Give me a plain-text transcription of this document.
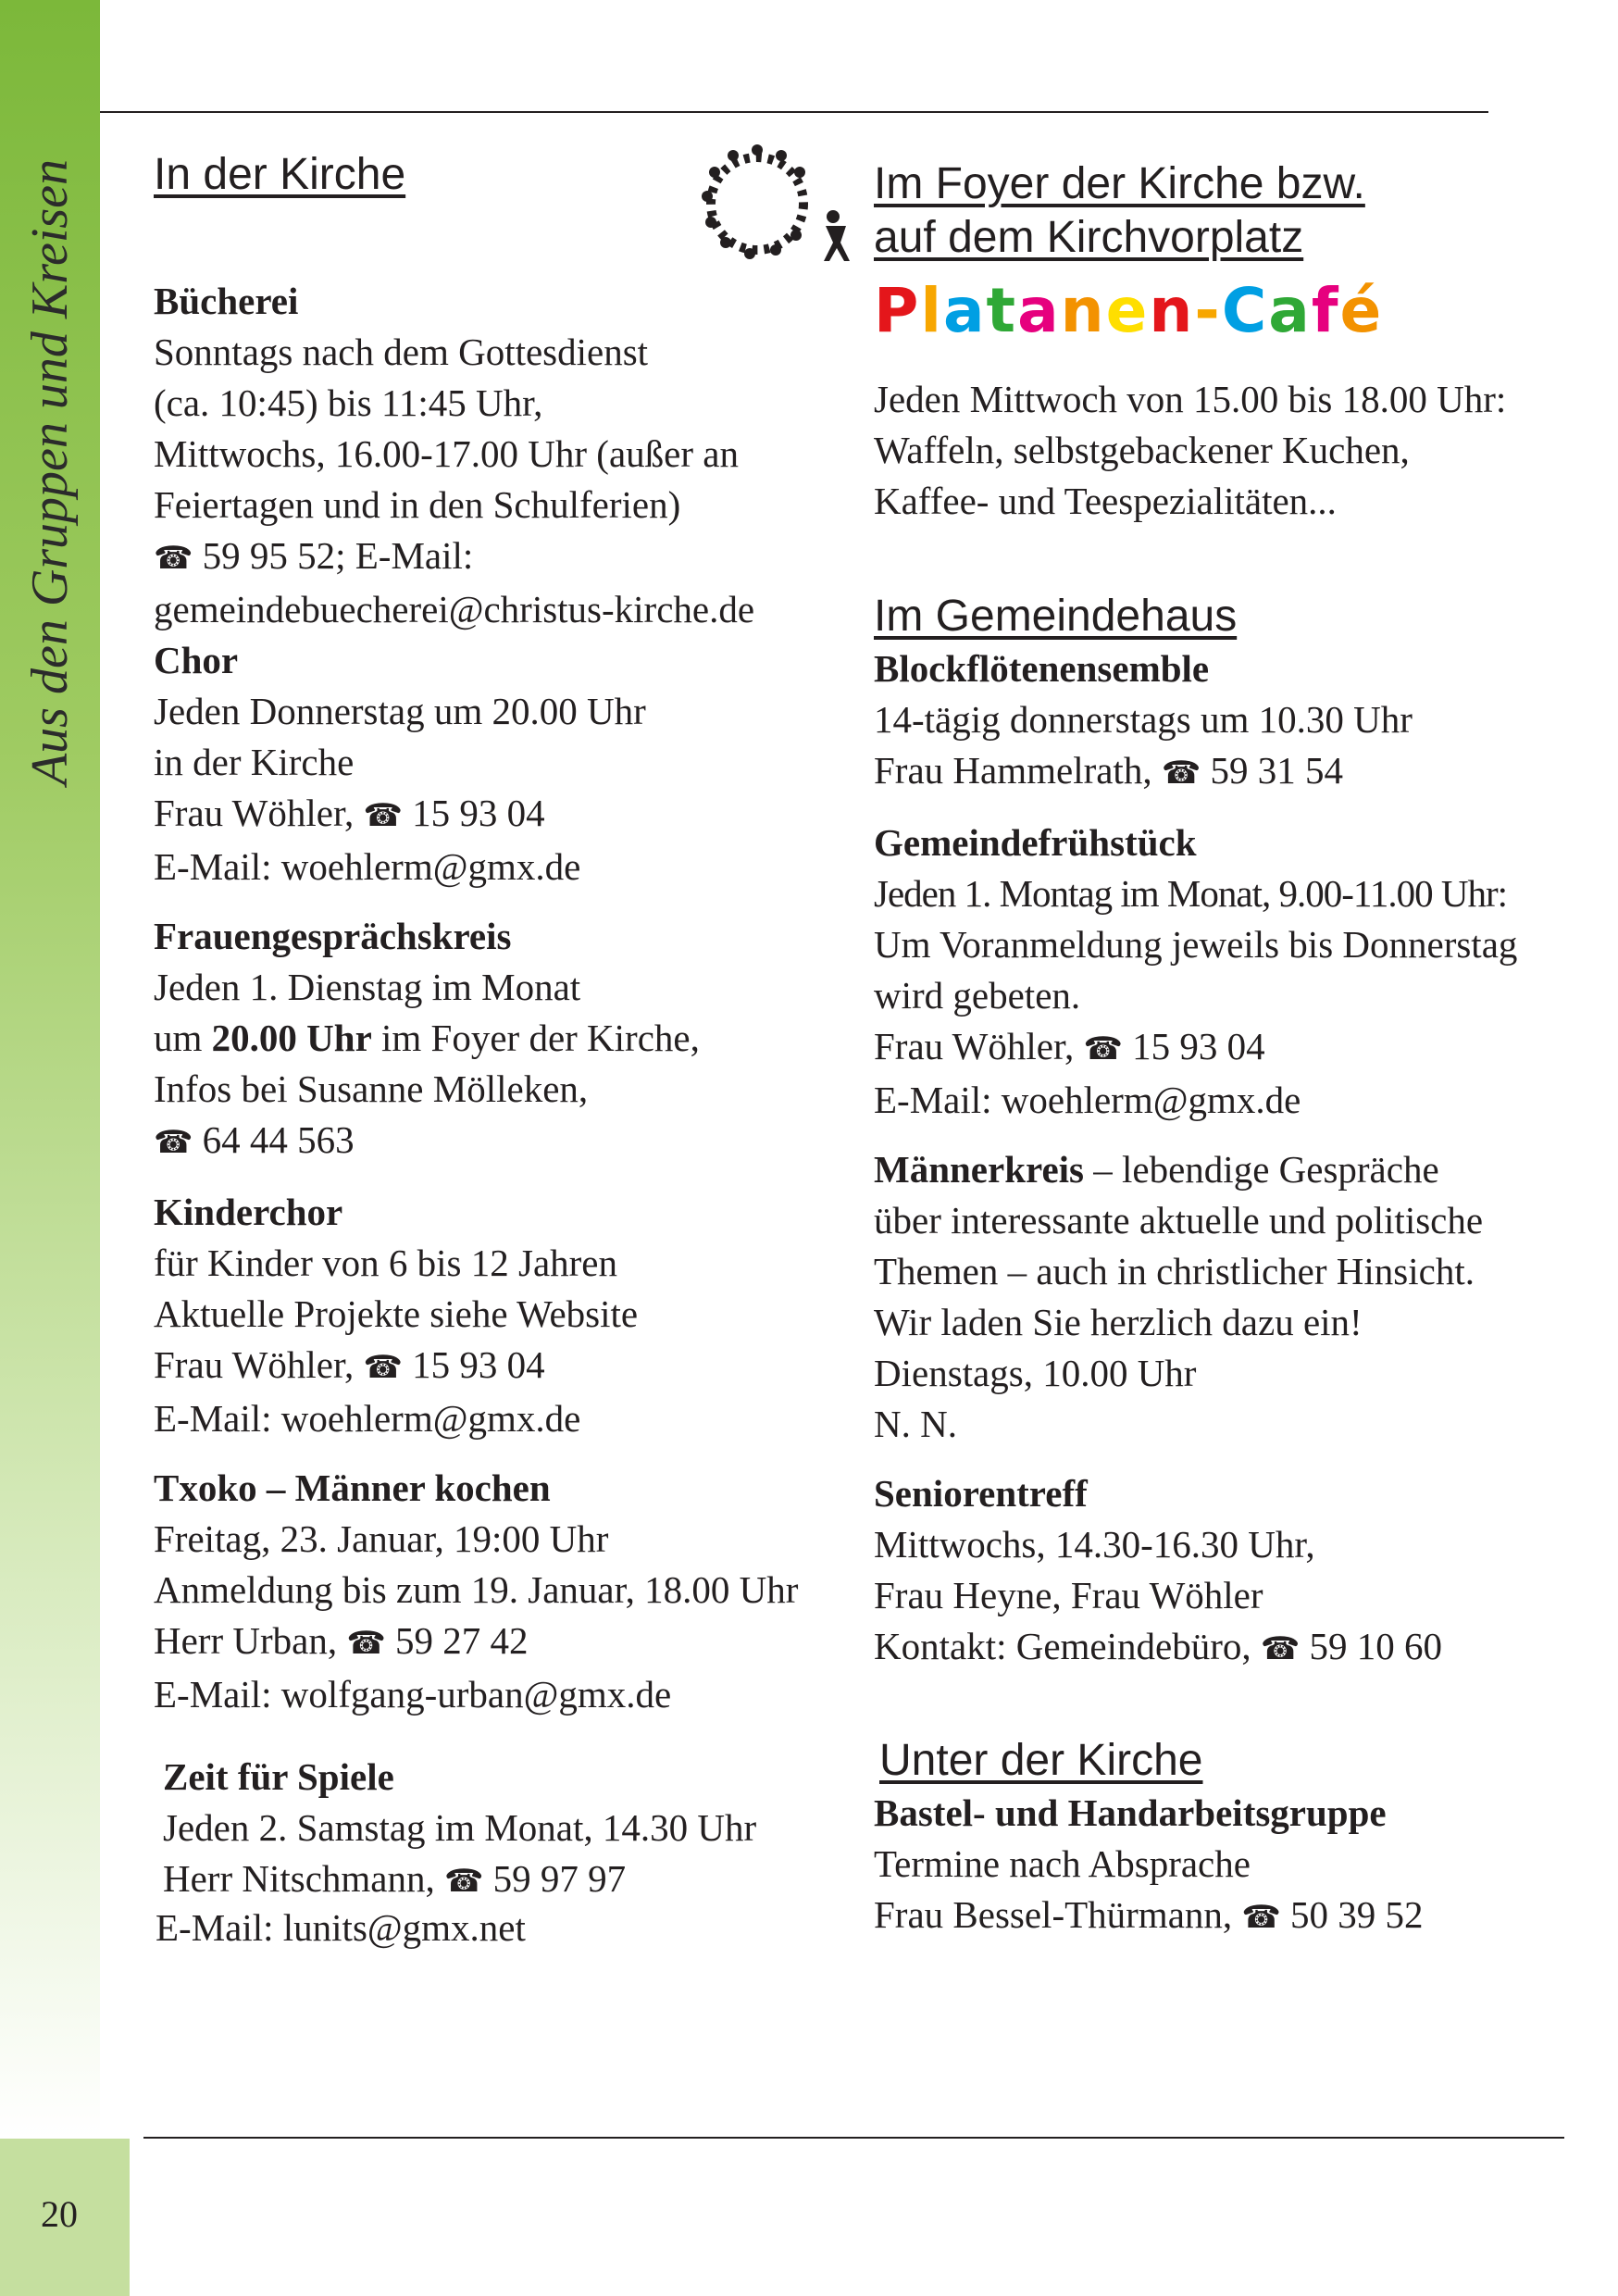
Aus den Gruppen und Kreisen
20
In der Kirche
Bücherei
Sonntags nach dem Gottesdienst
(ca. 10:45) bis 11:45 Uhr,
Mittwochs, 16.00-17.00 Uhr (außer an
Feiertagen und in den Schulferien)
☎ 59 95 52; E-Mail:
gemeindebuecherei@christus-kirche.de
Chor
Jeden Donnerstag um 20.00 Uhr
in der Kirche
Frau Wöhler, ☎ 15 93 04
E-Mail: woehlerm@gmx.de
Frauengesprächskreis
Jeden 1. Dienstag im Monat
um 20.00 Uhr im Foyer der Kirche,
Infos bei Susanne Mölleken,
☎ 64 44 563
Kinderchor
für Kinder von 6 bis 12 Jahren
Aktuelle Projekte siehe Website
Frau Wöhler, ☎ 15 93 04
E-Mail: woehlerm@gmx.de
Txoko – Männer kochen
Freitag, 23. Januar, 19:00 Uhr
Anmeldung bis zum 19. Januar, 18.00 Uhr
Herr Urban, ☎ 59 27 42
E-Mail: wolfgang-urban@gmx.de
Zeit für Spiele
Jeden 2. Samstag im Monat, 14.30 Uhr
Herr Nitschmann, ☎ 59 97 97
E-Mail: lunits@gmx.net
Im Foyer der Kirche bzw.
auf dem Kirchvorplatz
Platanen-Café
Jeden Mittwoch von 15.00 bis 18.00 Uhr:
Waffeln, selbstgebackener Kuchen,
Kaffee- und Teespezialitäten...
Im Gemeindehaus
Blockflötenensemble
14-tägig donnerstags um 10.30 Uhr
Frau Hammelrath, ☎ 59 31 54
Gemeindefrühstück
Jeden 1. Montag im Monat, 9.00-11.00 Uhr:
Um Voranmeldung jeweils bis Donnerstag
wird gebeten.
Frau Wöhler, ☎ 15 93 04
E-Mail: woehlerm@gmx.de
Männerkreis – lebendige Gespräche
über interessante aktuelle und politische
Themen – auch in christlicher Hinsicht.
Wir laden Sie herzlich dazu ein!
Dienstags, 10.00 Uhr
N. N.
Seniorentreff
Mittwochs, 14.30-16.30 Uhr,
Frau Heyne, Frau Wöhler
Kontakt: Gemeindebüro, ☎ 59 10 60
Unter der Kirche
Bastel- und Handarbeitsgruppe
Termine nach Absprache
Frau Bessel-Thürmann, ☎ 50 39 52
